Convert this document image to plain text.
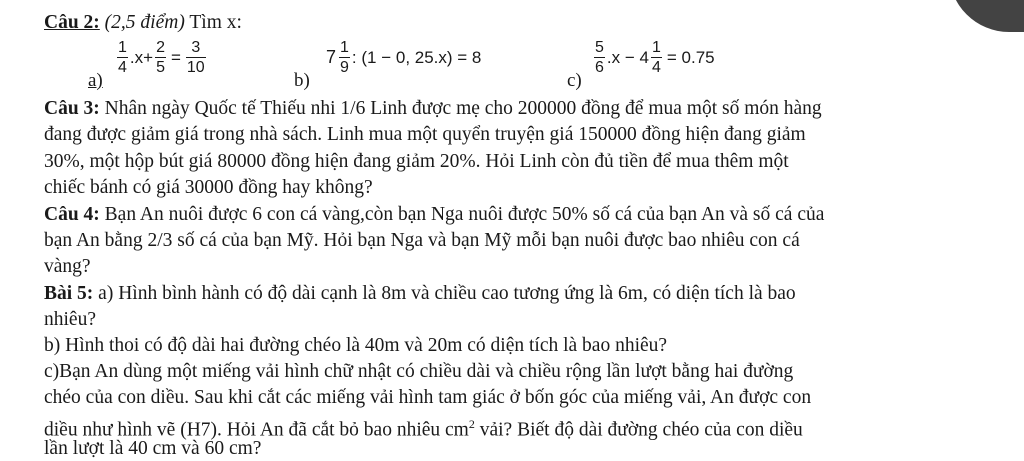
Câu 2: (2,5 điểm) Tìm x:
a)
$\frac{1}{4} .x+ \frac{2}{5} = \frac{3}{10}$
b)
$7 \frac{1}{9}$ : (1 − 0, 25.x) = 8
c)
$\frac{5}{6} .x - 4 \frac{1}{4} = 0.75$
Câu 3: Nhân ngày Quốc tế Thiếu nhi 1/6 Linh được mẹ cho 200000 đồng để mua một số món hàng
đang được giảm giá trong nhà sách. Linh mua một quyển truyện giá 150000 đồng hiện đang giảm
30%, một hộp bút giá 80000 đồng hiện đang giảm 20%. Hỏi Linh còn đủ tiền để mua thêm một
chiếc bánh có giá 30000 đồng hay không?
Câu 4: Bạn An nuôi được 6 con cá vàng,còn bạn Nga nuôi được 50% số cá của bạn An và số cá của
bạn An bằng 2/3 số cá của bạn Mỹ. Hỏi bạn Nga và bạn Mỹ mỗi bạn nuôi được bao nhiêu con cá
vàng?
Bài 5: a) Hình bình hành có độ dài cạnh là 8m và chiều cao tương ứng là 6m, có diện tích là bao
nhiêu?
b) Hình thoi có độ dài hai đường chéo là 40m và 20m có diện tích là bao nhiêu?
c)Bạn An dùng một miếng vải hình chữ nhật có chiều dài và chiều rộng lần lượt bằng hai đường
chéo của con diều. Sau khi cắt các miếng vải hình tam giác ở bốn góc của miếng vải, An được con
diều như hình vẽ (H7). Hỏi An đã cắt bỏ bao nhiêu $cm^2$ vải? Biết độ dài đường chéo của con diều
lần lượt là 40 cm và 60 cm?
